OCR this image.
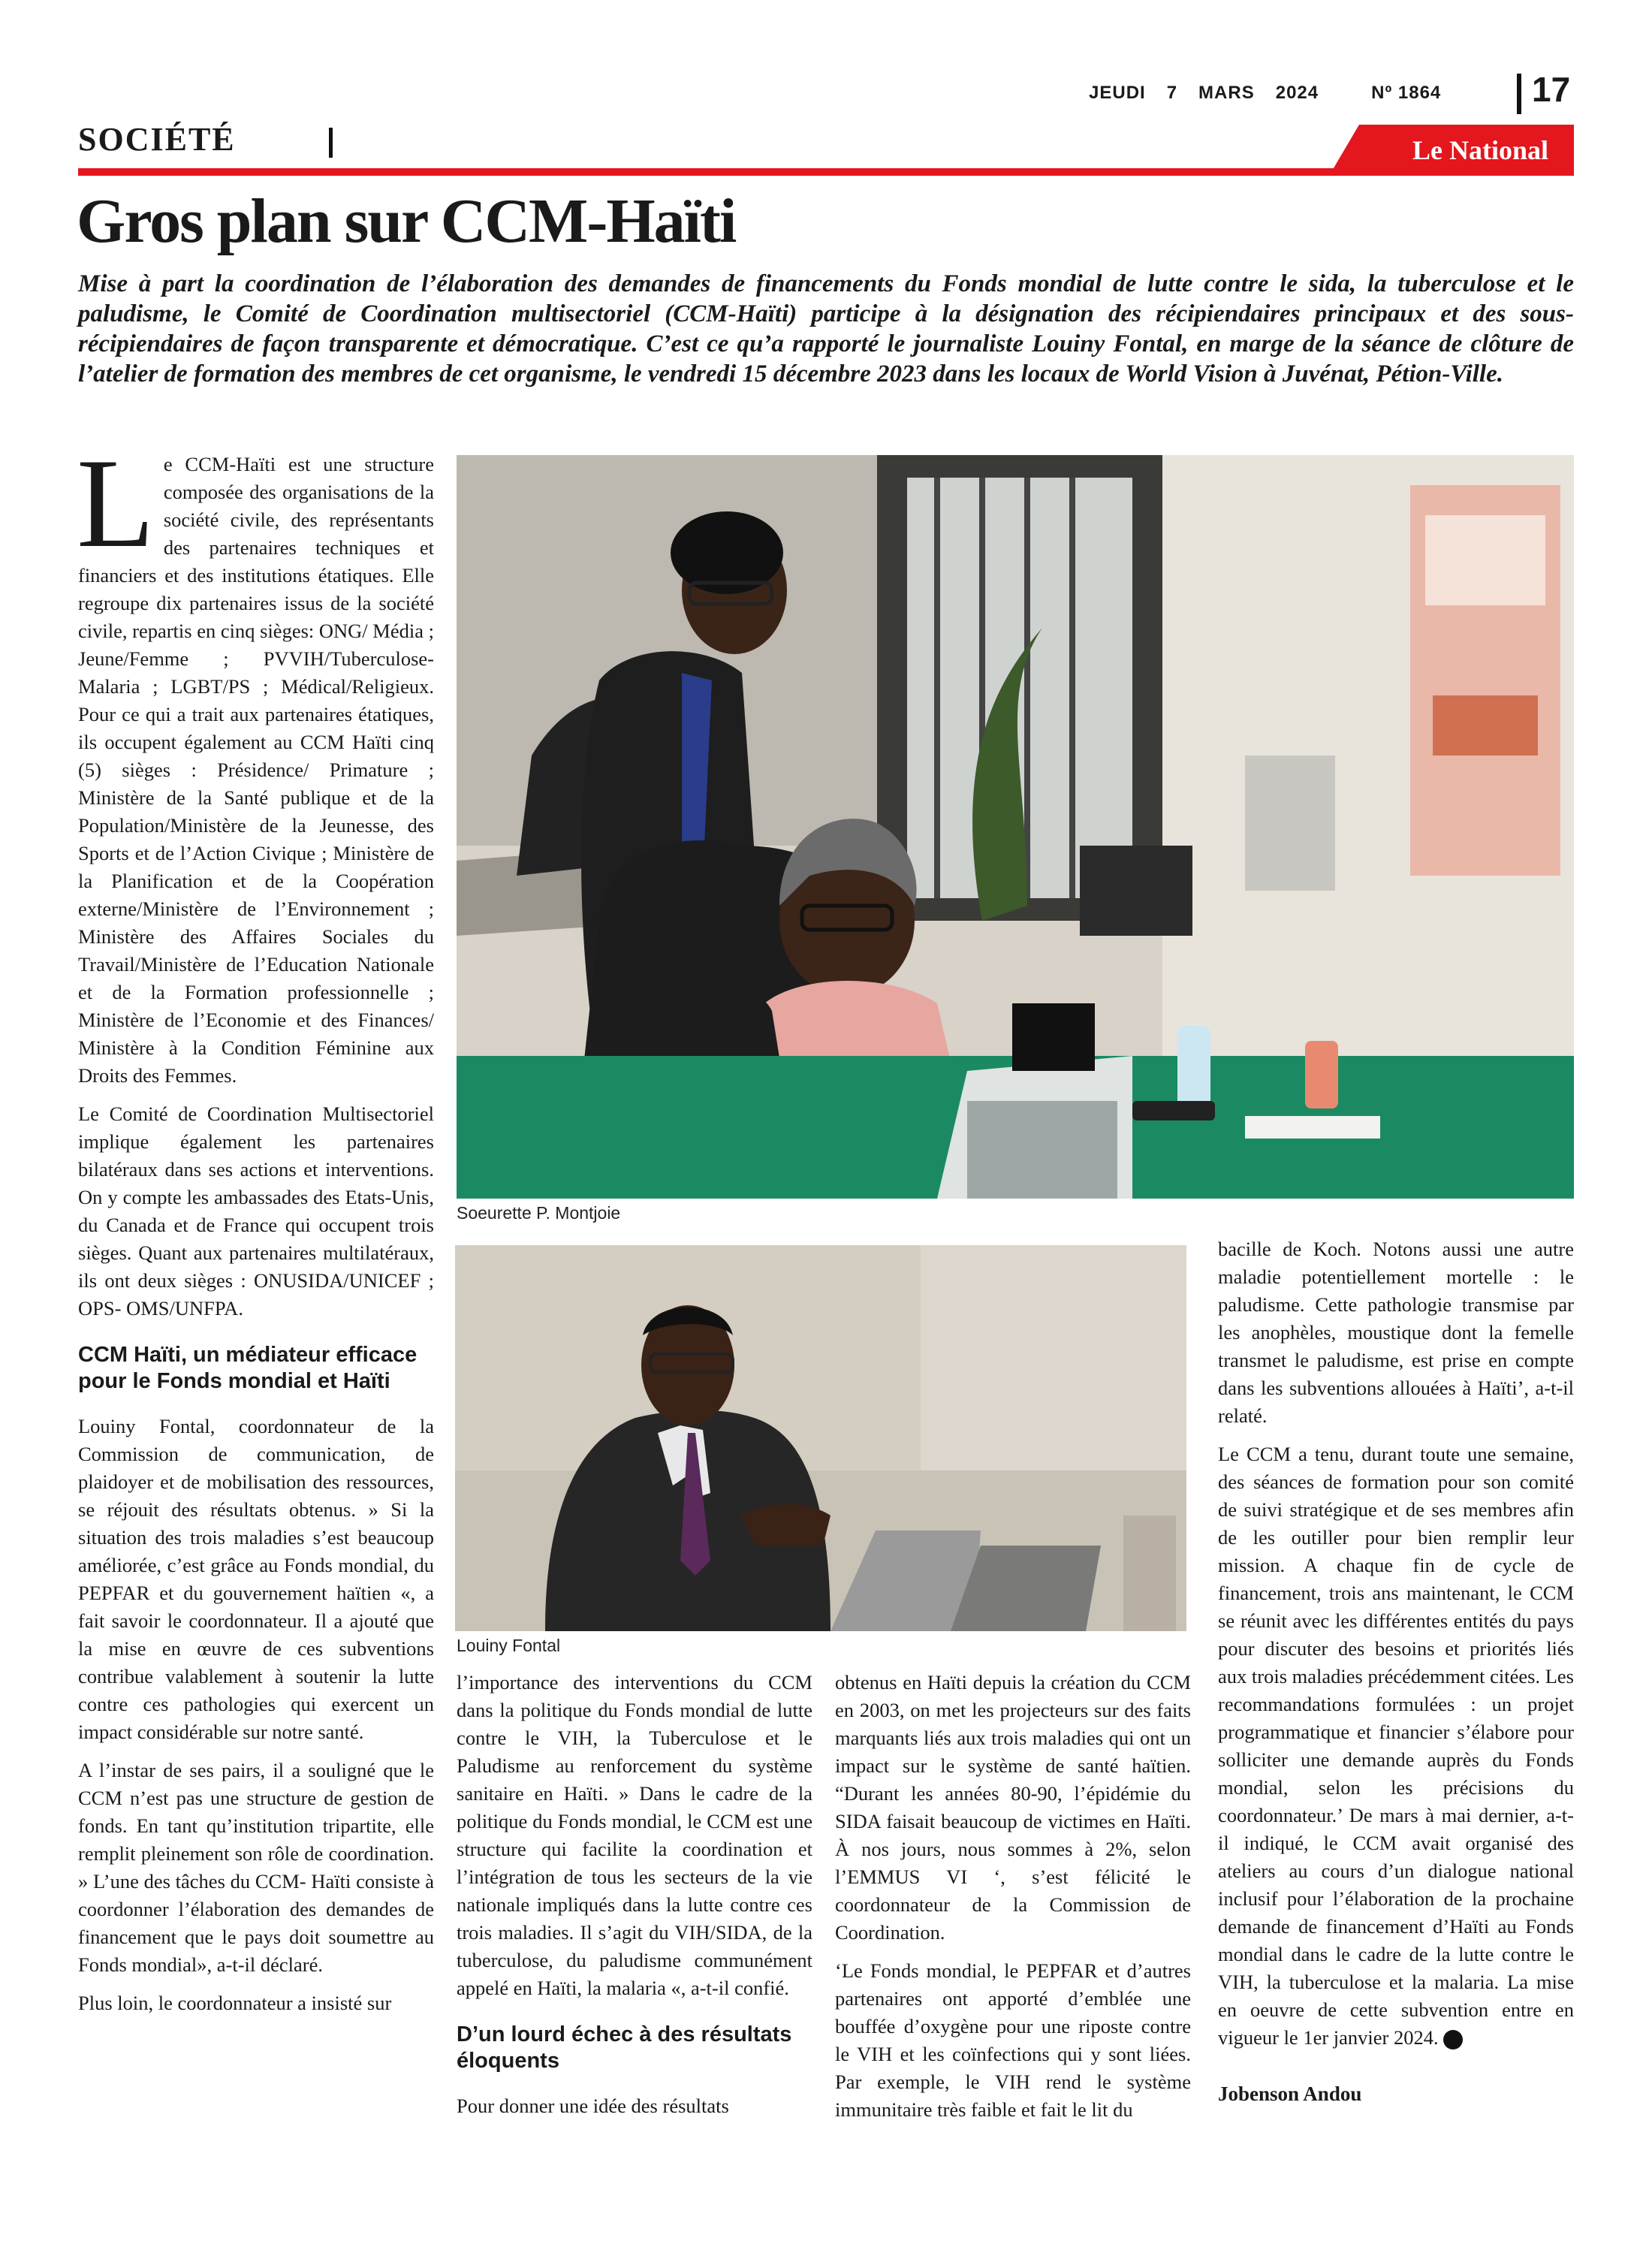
JEUDI 7 MARS 2024	Nº 1864	17
SOCIÉTÉ	Le National
Gros plan sur CCM-Haïti
Mise à part la coordination de l’élaboration des demandes de financements du Fonds mondial de lutte contre le sida, la tuberculose et le paludisme, le Comité de Coordination multisectoriel (CCM-Haïti) participe à la désignation des récipiendaires principaux et des sous-récipiendaires de façon transparente et démocratique. C’est ce qu’a rapporté le journaliste Louiny Fontal, en marge de la séance de clôture de l’atelier de formation des membres de cet organisme, le vendredi 15 décembre 2023 dans les locaux de World Vision à Juvénat, Pétion-Ville.

Le CCM-Haïti est une structure composée des organisations de la société civile, des représentants des partenaires techniques et financiers et des institutions étatiques. Elle regroupe dix partenaires issus de la société civile, repartis en cinq sièges: ONG/ Média ; Jeune/Femme ; PVVIH/Tuberculose-Malaria ; LGBT/PS ; Médical/Religieux. Pour ce qui a trait aux partenaires étatiques, ils occupent également au CCM Haïti cinq (5) sièges : Présidence/ Primature ; Ministère de la Santé publique et de la Population/Ministère de la Jeunesse, des Sports et de l’Action Civique ; Ministère de la Planification et de la Coopération externe/Ministère de l’Environnement ; Ministère des Affaires Sociales du Travail/Ministère de l’Education Nationale et de la Formation professionnelle ; Ministère de l’Economie et des Finances/ Ministère à la Condition Féminine aux Droits des Femmes.

Le Comité de Coordination Multisectoriel implique également les partenaires bilatéraux dans ses actions et interventions. On y compte les ambassades des Etats-Unis, du Canada et de France qui occupent trois sièges. Quant aux partenaires multilatéraux, ils ont deux sièges : ONUSIDA/UNICEF ; OPS- OMS/UNFPA.

CCM Haïti, un médiateur efficace pour le Fonds mondial et Haïti

Louiny Fontal, coordonnateur de la Commission de communication, de plaidoyer et de mobilisation des ressources, se réjouit des résultats obtenus. » Si la situation des trois maladies s’est beaucoup améliorée, c’est grâce au Fonds mondial, du PEPFAR et du gouvernement haïtien «, a fait savoir le coordonnateur. Il a ajouté que la mise en œuvre de ces subventions contribue valablement à soutenir la lutte contre ces pathologies qui exercent un impact considérable sur notre santé.

A l’instar de ses pairs, il a souligné que le CCM n’est pas une structure de gestion de fonds. En tant qu’institution tripartite, elle remplit pleinement son rôle de coordination. » L’une des tâches du CCM- Haïti consiste à coordonner l’élaboration des demandes de financement que le pays doit soumettre au Fonds mondial», a-t-il déclaré.

Plus loin, le coordonnateur a insisté sur

Soeurette P. Montjoie
Louiny Fontal

l’importance des interventions du CCM dans la politique du Fonds mondial de lutte contre le VIH, la Tuberculose et le Paludisme au renforcement du système sanitaire en Haïti. » Dans le cadre de la politique du Fonds mondial, le CCM est une structure qui facilite la coordination et l’intégration de tous les secteurs de la vie nationale impliqués dans la lutte contre ces trois maladies. Il s’agit du VIH/SIDA, de la tuberculose, du paludisme communément appelé en Haïti, la malaria «, a-t-il confié.

D’un lourd échec à des résultats éloquents

Pour donner une idée des résultats

obtenus en Haïti depuis la création du CCM en 2003, on met les projecteurs sur des faits marquants liés aux trois maladies qui ont un impact sur le système de santé haïtien. “Durant les années 80-90, l’épidémie du SIDA faisait beaucoup de victimes en Haïti. À nos jours, nous sommes à 2%, selon l’EMMUS VI ‘, s’est félicité le coordonnateur de la Commission de Coordination.

‘Le Fonds mondial, le PEPFAR et d’autres partenaires ont apporté d’emblée une bouffée d’oxygène pour une riposte contre le VIH et les coïnfections qui y sont liées. Par exemple, le VIH rend le système immunitaire très faible et fait le lit du

bacille de Koch. Notons aussi une autre maladie potentiellement mortelle : le paludisme. Cette pathologie transmise par les anophèles, moustique dont la femelle transmet le paludisme, est prise en compte dans les subventions allouées à Haïti’, a-t-il relaté.

Le CCM a tenu, durant toute une semaine, des séances de formation pour son comité de suivi stratégique et de ses membres afin de les outiller pour bien remplir leur mission. A chaque fin de cycle de financement, trois ans maintenant, le CCM se réunit avec les différentes entités du pays pour discuter des besoins et priorités liés aux trois maladies précédemment citées. Les recommandations formulées : un projet programmatique et financier s’élabore pour solliciter une demande auprès du Fonds mondial, selon les précisions du coordonnateur.’ De mars à mai dernier, a-t- il indiqué, le CCM avait organisé des ateliers au cours d’un dialogue national inclusif pour l’élaboration de la prochaine demande de financement d’Haïti au Fonds mondial dans le cadre de la lutte contre le VIH, la tuberculose et la malaria. La mise en oeuvre de cette subvention entre en vigueur le 1er janvier 2024.

Jobenson Andou
